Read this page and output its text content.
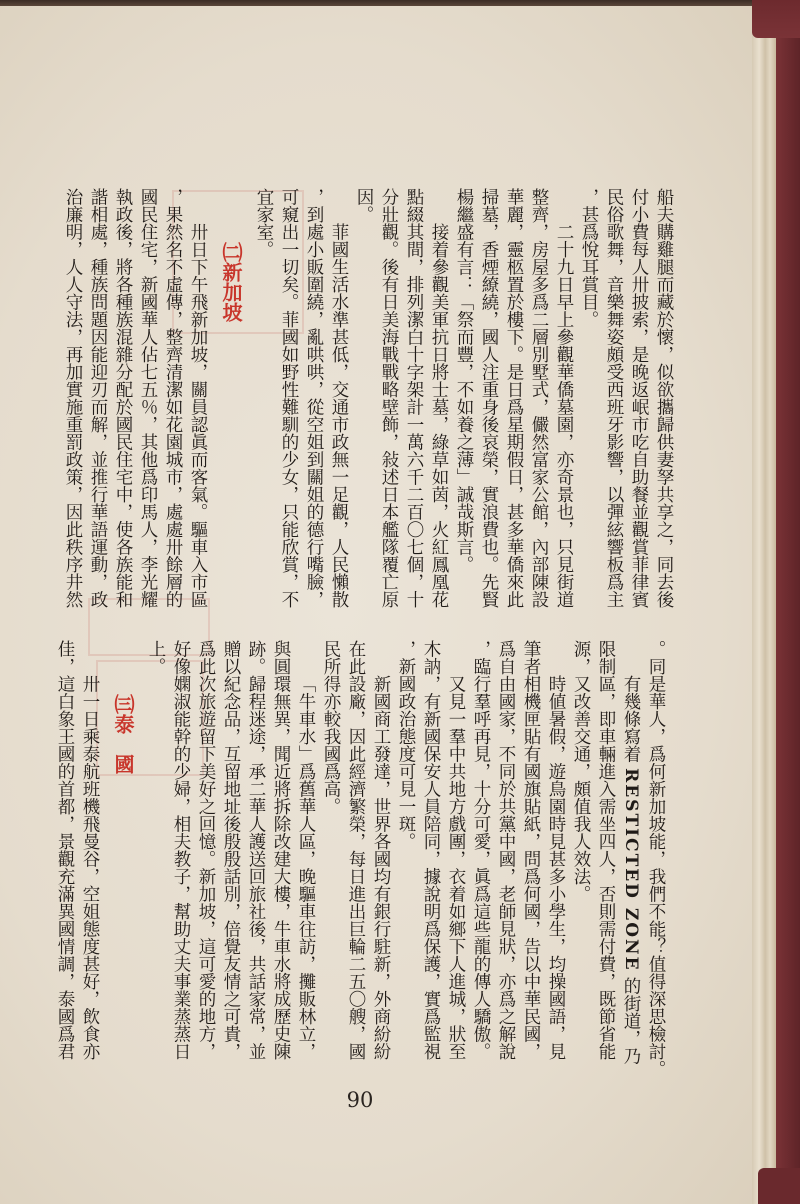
船夫購雞腿而藏於懷，似欲攜歸供妻孥共享之，同去後
付小費每人卅披索，是晚返岷市吃自助餐並觀賞菲律賓
民俗歌舞，音樂舞姿頗受西班牙影響，以彈絃響板爲主
，甚爲悅耳賞目。
二十九日早上參觀華僑墓園，亦奇景也，只見街道
整齊，房屋多爲二層別墅式，儼然富家公館，內部陳設
華麗，靈柩置於樓下。是日爲星期假日，甚多華僑來此
掃墓，香煙繚繞，國人注重身後哀榮，實浪費也。先賢
楊繼盛有言：「祭而豐，不如養之薄」誠哉斯言。
接着參觀美軍抗日將士墓，綠草如茵，火紅鳳凰花
點綴其間，排列潔白十字架計一萬六千二百〇七個，十
分壯觀。後有日美海戰戰略壁飾，敍述日本艦隊覆亡原
因。
菲國生活水準甚低，交通市政無一足觀，人民懶散
，到處小販圍繞，亂哄哄，從空姐到關姐的德行嘴臉，
可窺出一切矣。菲國如野性難馴的少女，只能欣賞，不
宜家室。
㈡新加坡
卅日下午飛新加坡，關員認眞而客氣。驅車入市區
，果然名不虛傳，整齊清潔如花園城市，處處卅餘層的
國民住宅，新國華人佔七五％，其他爲印馬人，李光耀
執政後，將各種族混雜分配於國民住宅中，使各族能和
諧相處，種族問題因能迎刃而解，並推行華語運動，政
治廉明，人人守法，再加實施重罰政策，因此秩序井然
。同是華人，爲何新加坡能，我們不能？值得深思檢討。
有幾條寫着 RESTICTED ZONE 的街道，乃
限制區，即車輛進入需坐四人，否則需付費，既節省能
源，又改善交通，頗值我人效法。
時値暑假，遊鳥園時見甚多小學生，均操國語，見
筆者相機匣貼有國旗貼紙，問爲何國，告以中華民國，
爲自由國家，不同於共黨中國，老師見狀，亦爲之解說
，臨行羣呼再見，十分可愛，眞爲這些龍的傳人驕傲。
又見一羣中共地方戲團，衣着如鄉下人進城，狀至
木訥，有新國保安人員陪同，據說明爲保護，實爲監視
，新國政治態度可見一斑。
新國商工發達，世界各國均有銀行駐新，外商紛紛
在此設廠，因此經濟繁榮，每日進出巨輪二五〇艘，國
民所得亦較我國爲高。
「牛車水」爲舊華人區，晚驅車往訪，攤販林立，
與圓環無異，聞近將拆除改建大樓，牛車水將成歷史陳
跡。歸程迷途，承二華人護送回旅社後，共話家常，並
贈以紀念品，互留地址後殷殷話別，倍覺友情之可貴，
爲此次旅遊留下美好之回憶。新加坡，這可愛的地方，
好像嫻淑能幹的少婦，相夫教子，幫助丈夫事業蒸蒸日
上。
㈢泰　國
卅一日乘泰航班機飛曼谷，空姐態度甚好，飲食亦
佳，這白象王國的首都，景觀充滿異國情調，泰國爲君
90
